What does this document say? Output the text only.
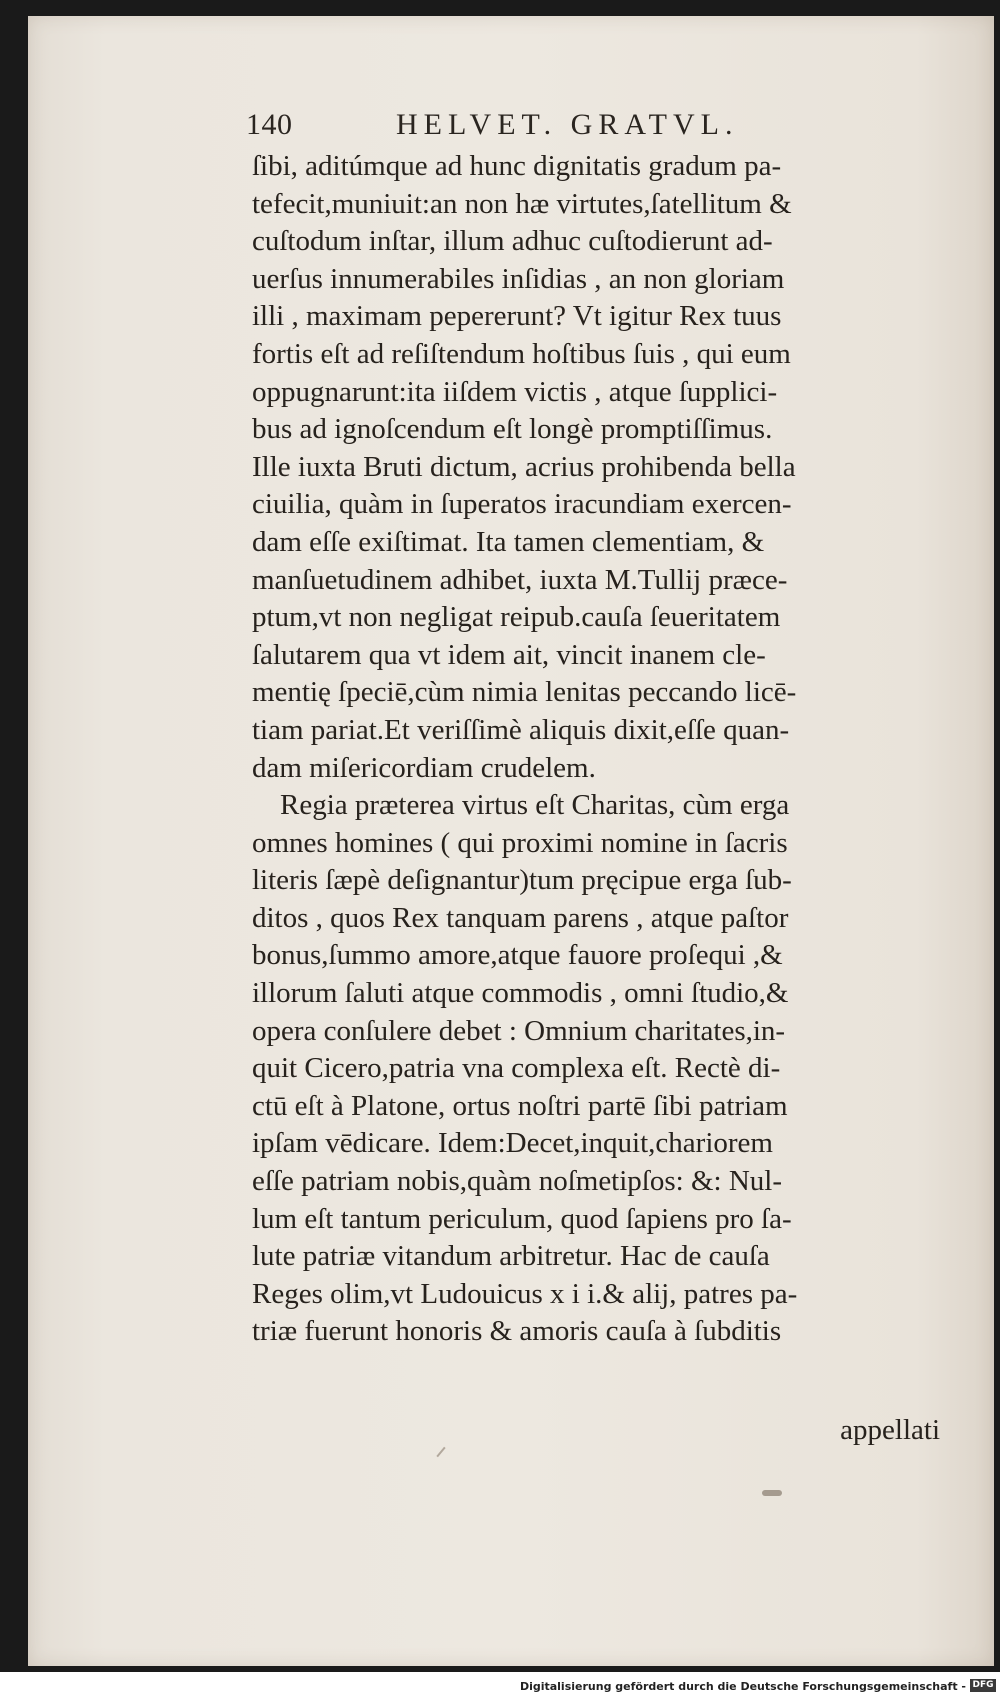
140	HELVET. GRATVL.
ſibi, aditúmque ad hunc dignitatis gradum pa-
tefecit,muniuit:an non hæ virtutes,ſatellitum &
cuſtodum inſtar, illum adhuc cuſtodierunt ad-
uerſus innumerabiles inſidias , an non gloriam
illi , maximam pepererunt? Vt igitur Rex tuus
fortis eſt ad reſiſtendum hoſtibus ſuis , qui eum
oppugnarunt:ita iiſdem victis , atque ſupplici-
bus ad ignoſcendum eſt longè promptiſſimus.
Ille iuxta Bruti dictum, acrius prohibenda bella
ciuilia, quàm in ſuperatos iracundiam exercen-
dam eſſe exiſtimat. Ita tamen clementiam, &
manſuetudinem adhibet, iuxta M.Tullij præce-
ptum,vt non negligat reipub.cauſa ſeueritatem
ſalutarem qua vt idem ait, vincit inanem cle-
mentię ſpeciē,cùm nimia lenitas peccando licē-
tiam pariat.Et veriſſimè aliquis dixit,eſſe quan-
dam miſericordiam crudelem.
Regia præterea virtus eſt Charitas, cùm erga
omnes homines ( qui proximi nomine in ſacris
literis ſæpè deſignantur)tum pręcipue erga ſub-
ditos , quos Rex tanquam parens , atque paſtor
bonus,ſummo amore,atque fauore proſequi ,&
illorum ſaluti atque commodis , omni ſtudio,&
opera conſulere debet : Omnium charitates,in-
quit Cicero,patria vna complexa eſt. Rectè di-
ctū eſt à Platone, ortus noſtri partē ſibi patriam
ipſam vēdicare. Idem:Decet,inquit,chariorem
eſſe patriam nobis,quàm noſmetipſos: &: Nul-
lum eſt tantum periculum, quod ſapiens pro ſa-
lute patriæ vitandum arbitretur. Hac de cauſa
Reges olim,vt Ludouicus x i i.& alij, patres pa-
triæ fuerunt honoris & amoris cauſa à ſubditis
appellati
Digitalisierung gefördert durch die Deutsche Forschungsgemeinschaft - DFG
